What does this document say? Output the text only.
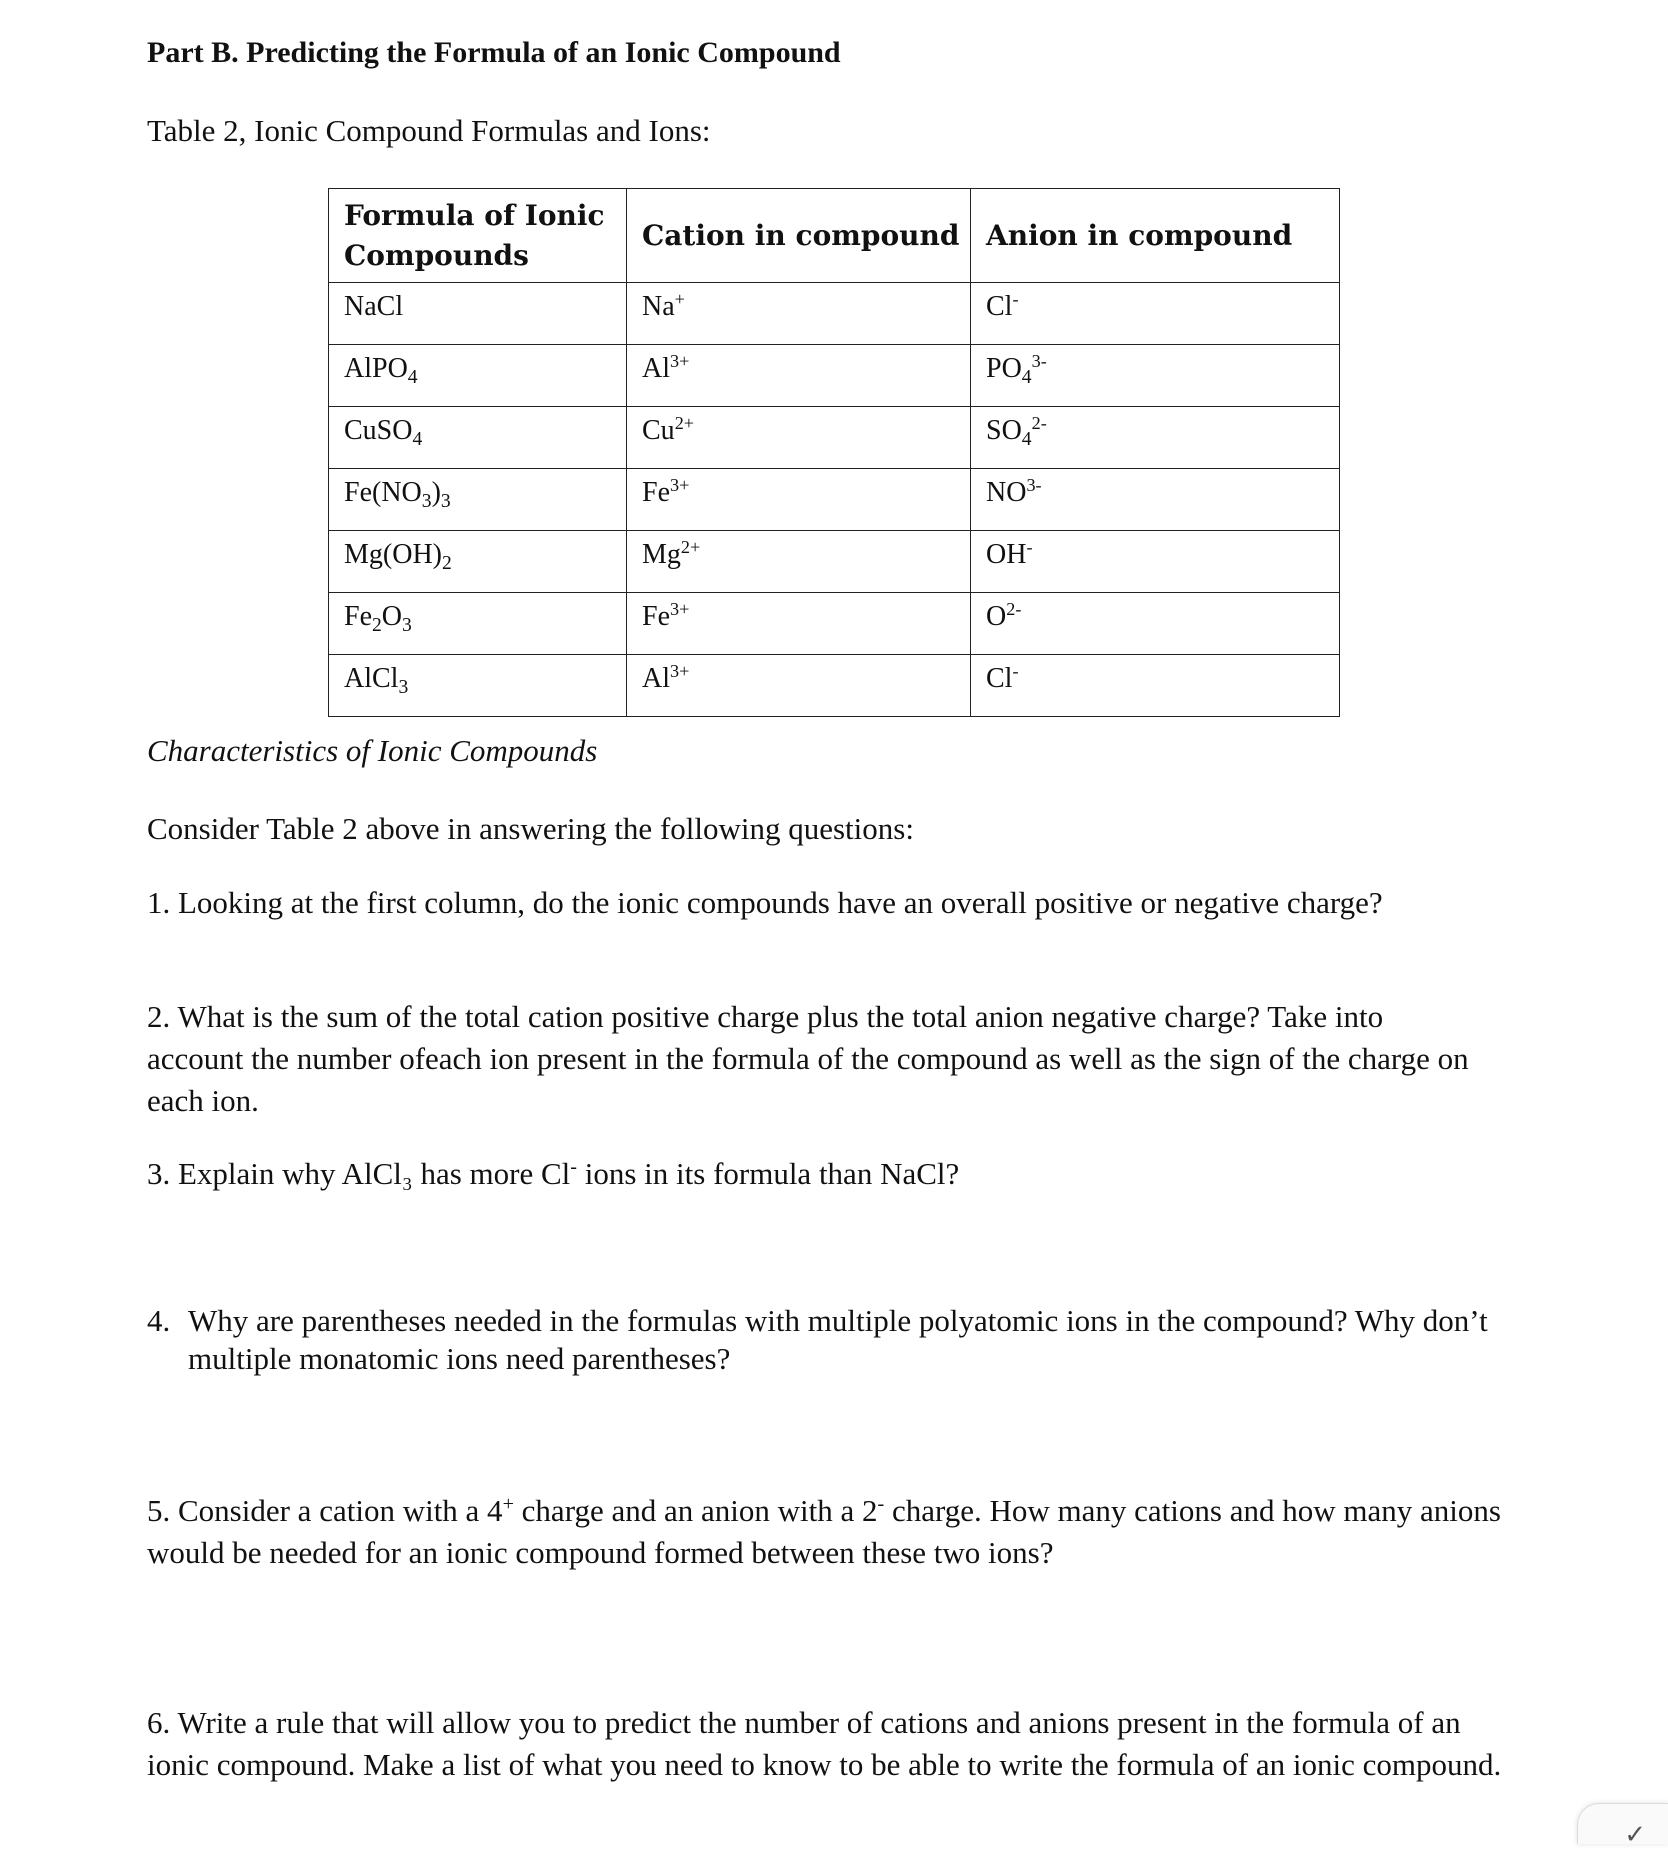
Part B. Predicting the Formula of an Ionic Compound
Table 2, Ionic Compound Formulas and Ions:
Formula of Ionic Compounds	Cation in compound	Anion in compound
NaCl	Na+	Cl-
AlPO$_4$	$Al^{3+}$	$PO_4^{3-}$
CuSO$_4$	$Cu^{2+}$	$SO_4^{2-}$
$Fe(NO_3)_3$	$Fe^{3+}$	$NO^{3-}$
$Mg(OH)_2$	$Mg^{2+}$	OH-
$Fe_2O_3$	$Fe^{3+}$	$O^{2-}$
AlCl$_3$	$Al^{3+}$	Cl-
Characteristics of Ionic Compounds
Consider Table 2 above in answering the following questions:
1. Looking at the first column, do the ionic compounds have an overall positive or negative charge?
2. What is the sum of the total cation positive charge plus the total anion negative charge? Take into account the number ofeach ion present in the formula of the compound as well as the sign of the charge on each ion.
3. Explain why AlCl₃ has more Cl- ions in its formula than NaCl?
4. Why are parentheses needed in the formulas with multiple polyatomic ions in the compound? Why don’t multiple monatomic ions need parentheses?
5. Consider a cation with a 4+ charge and an anion with a 2- charge. How many cations and how many anions would be needed for an ionic compound formed between these two ions?
6. Write a rule that will allow you to predict the number of cations and anions present in the formula of an ionic compound. Make a list of what you need to know to be able to write the formula of an ionic compound.
✓
